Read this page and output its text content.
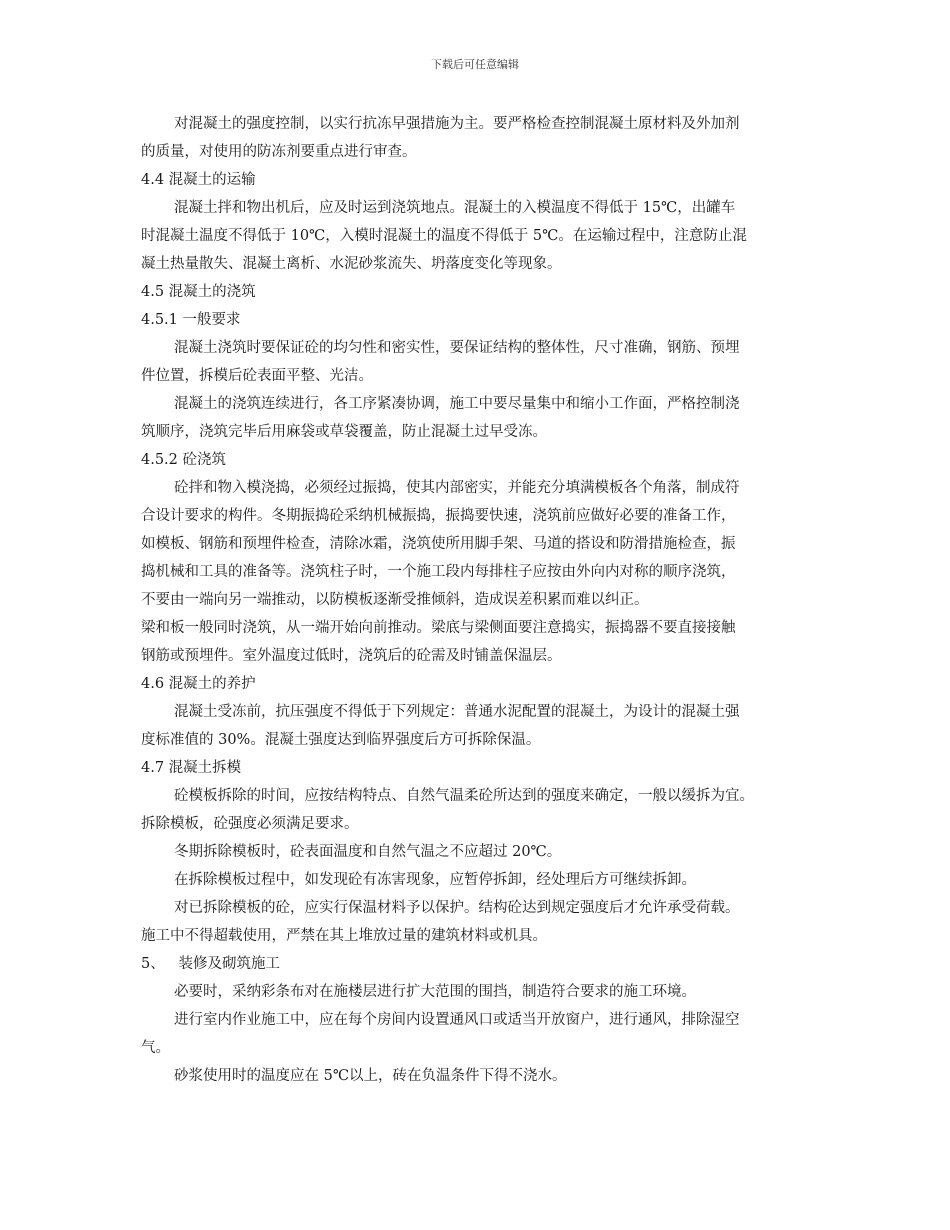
下载后可任意编辑
对混凝土的强度控制，以实行抗冻早强措施为主。要严格检查控制混凝土原材料及外加剂
的质量，对使用的防冻剂要重点进行审查。
4.4 混凝土的运输
混凝土拌和物出机后，应及时运到浇筑地点。混凝土的入模温度不得低于 15℃，出罐车
时混凝土温度不得低于 10℃，入模时混凝土的温度不得低于 5℃。在运输过程中，注意防止混
凝土热量散失、混凝土离析、水泥砂浆流失、坍落度变化等现象。
4.5 混凝土的浇筑
4.5.1 一般要求
混凝土浇筑时要保证砼的均匀性和密实性，要保证结构的整体性，尺寸准确，钢筋、预埋
件位置，拆模后砼表面平整、光洁。
混凝土的浇筑连续进行，各工序紧凑协调，施工中要尽量集中和缩小工作面，严格控制浇
筑顺序，浇筑完毕后用麻袋或草袋覆盖，防止混凝土过早受冻。
4.5.2 砼浇筑
砼拌和物入模浇捣，必须经过振捣，使其内部密实，并能充分填满模板各个角落，制成符
合设计要求的构件。冬期振捣砼采纳机械振捣，振捣要快速，浇筑前应做好必要的准备工作，
如模板、钢筋和预埋件检查，清除冰霜，浇筑使所用脚手架、马道的搭设和防滑措施检查，振
捣机械和工具的准备等。浇筑柱子时，一个施工段内每排柱子应按由外向内对称的顺序浇筑，
不要由一端向另一端推动，以防模板逐渐受推倾斜，造成误差积累而难以纠正。
梁和板一般同时浇筑，从一端开始向前推动。梁底与梁侧面要注意捣实，振捣器不要直接接触
钢筋或预埋件。室外温度过低时，浇筑后的砼需及时铺盖保温层。
4.6 混凝土的养护
混凝土受冻前，抗压强度不得低于下列规定：普通水泥配置的混凝土，为设计的混凝土强
度标准值的 30%。混凝土强度达到临界强度后方可拆除保温。
4.7 混凝土拆模
砼模板拆除的时间，应按结构特点、自然气温柔砼所达到的强度来确定，一般以缓拆为宜。
拆除模板，砼强度必须满足要求。
冬期拆除模板时，砼表面温度和自然气温之不应超过 20℃。
在拆除模板过程中，如发现砼有冻害现象，应暂停拆卸，经处理后方可继续拆卸。
对已拆除模板的砼，应实行保温材料予以保护。结构砼达到规定强度后才允许承受荷载。
施工中不得超载使用，严禁在其上堆放过量的建筑材料或机具。
5、   装修及砌筑施工
必要时，采纳彩条布对在施楼层进行扩大范围的围挡，制造符合要求的施工环境。
进行室内作业施工中，应在每个房间内设置通风口或适当开放窗户，进行通风，排除湿空
气。
砂浆使用时的温度应在 5℃以上，砖在负温条件下得不浇水。
